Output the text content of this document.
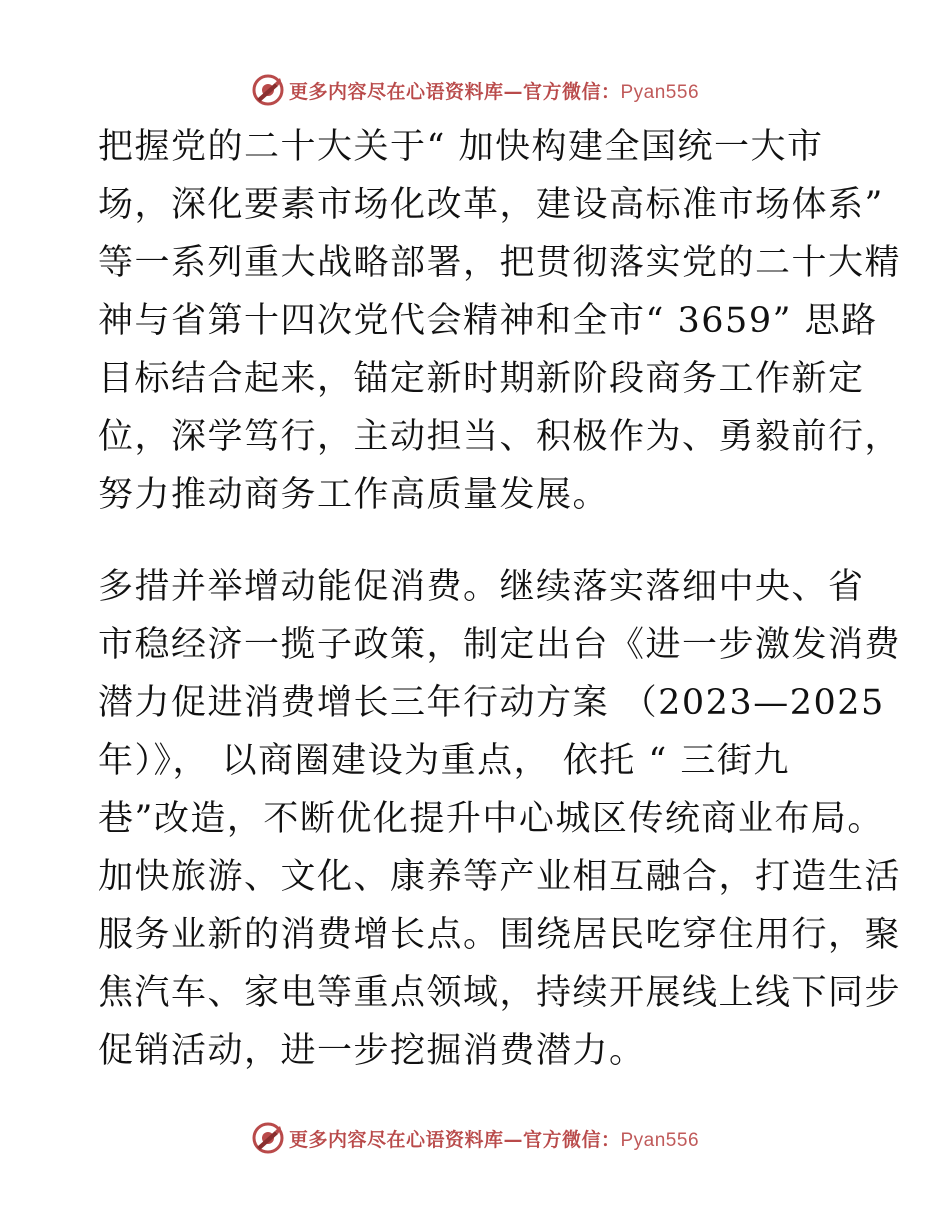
更多内容尽在心语资料库—官方微信：Pyan556
把握党的二十大关于“ 加快构建全国统一大市
场，深化要素市场化改革，建设高标准市场体系”
等一系列重大战略部署，把贯彻落实党的二十大精
神与省第十四次党代会精神和全市“ 3659” 思路
目标结合起来，锚定新时期新阶段商务工作新定
位，深学笃行，主动担当、积极作为、勇毅前行，
努力推动商务工作高质量发展。
多措并举增动能促消费。继续落实落细中央、省
市稳经济一揽子政策，制定出台《进一步激发消费
潜力促进消费增长三年行动方案 （2023—2025
年）》， 以商圈建设为重点， 依托 “ 三街九
巷”改造，不断优化提升中心城区传统商业布局。
加快旅游、文化、康养等产业相互融合，打造生活
服务业新的消费增长点。围绕居民吃穿住用行，聚
焦汽车、家电等重点领域，持续开展线上线下同步
促销活动，进一步挖掘消费潜力。
更多内容尽在心语资料库—官方微信：Pyan556
